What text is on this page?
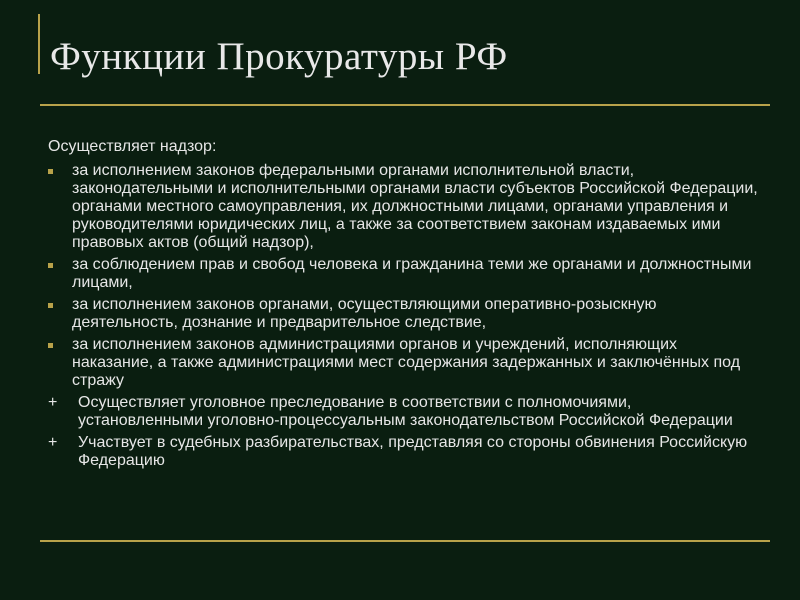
Функции Прокуратуры РФ

Осуществляет надзор:

за исполнением законов федеральными органами исполнительной власти, законодательными и исполнительными органами власти субъектов Российской Федерации, органами местного самоуправления, их должностными лицами, органами управления и руководителями юридических лиц, а также за соответствием законам издаваемых ими правовых актов (общий надзор),
за соблюдением прав и свобод человека и гражданина теми же органами и должностными лицами,
за исполнением законов органами, осуществляющими оперативно-розыскную деятельность, дознание и предварительное следствие,
за исполнением законов администрациями органов и учреждений, исполняющих наказание, а также администрациями мест содержания задержанных и заключённых под стражу
+ Осуществляет уголовное преследование в соответствии с полномочиями, установленными уголовно-процессуальным законодательством Российской Федерации
+ Участвует в судебных разбирательствах, представляя со стороны обвинения Российскую Федерацию
